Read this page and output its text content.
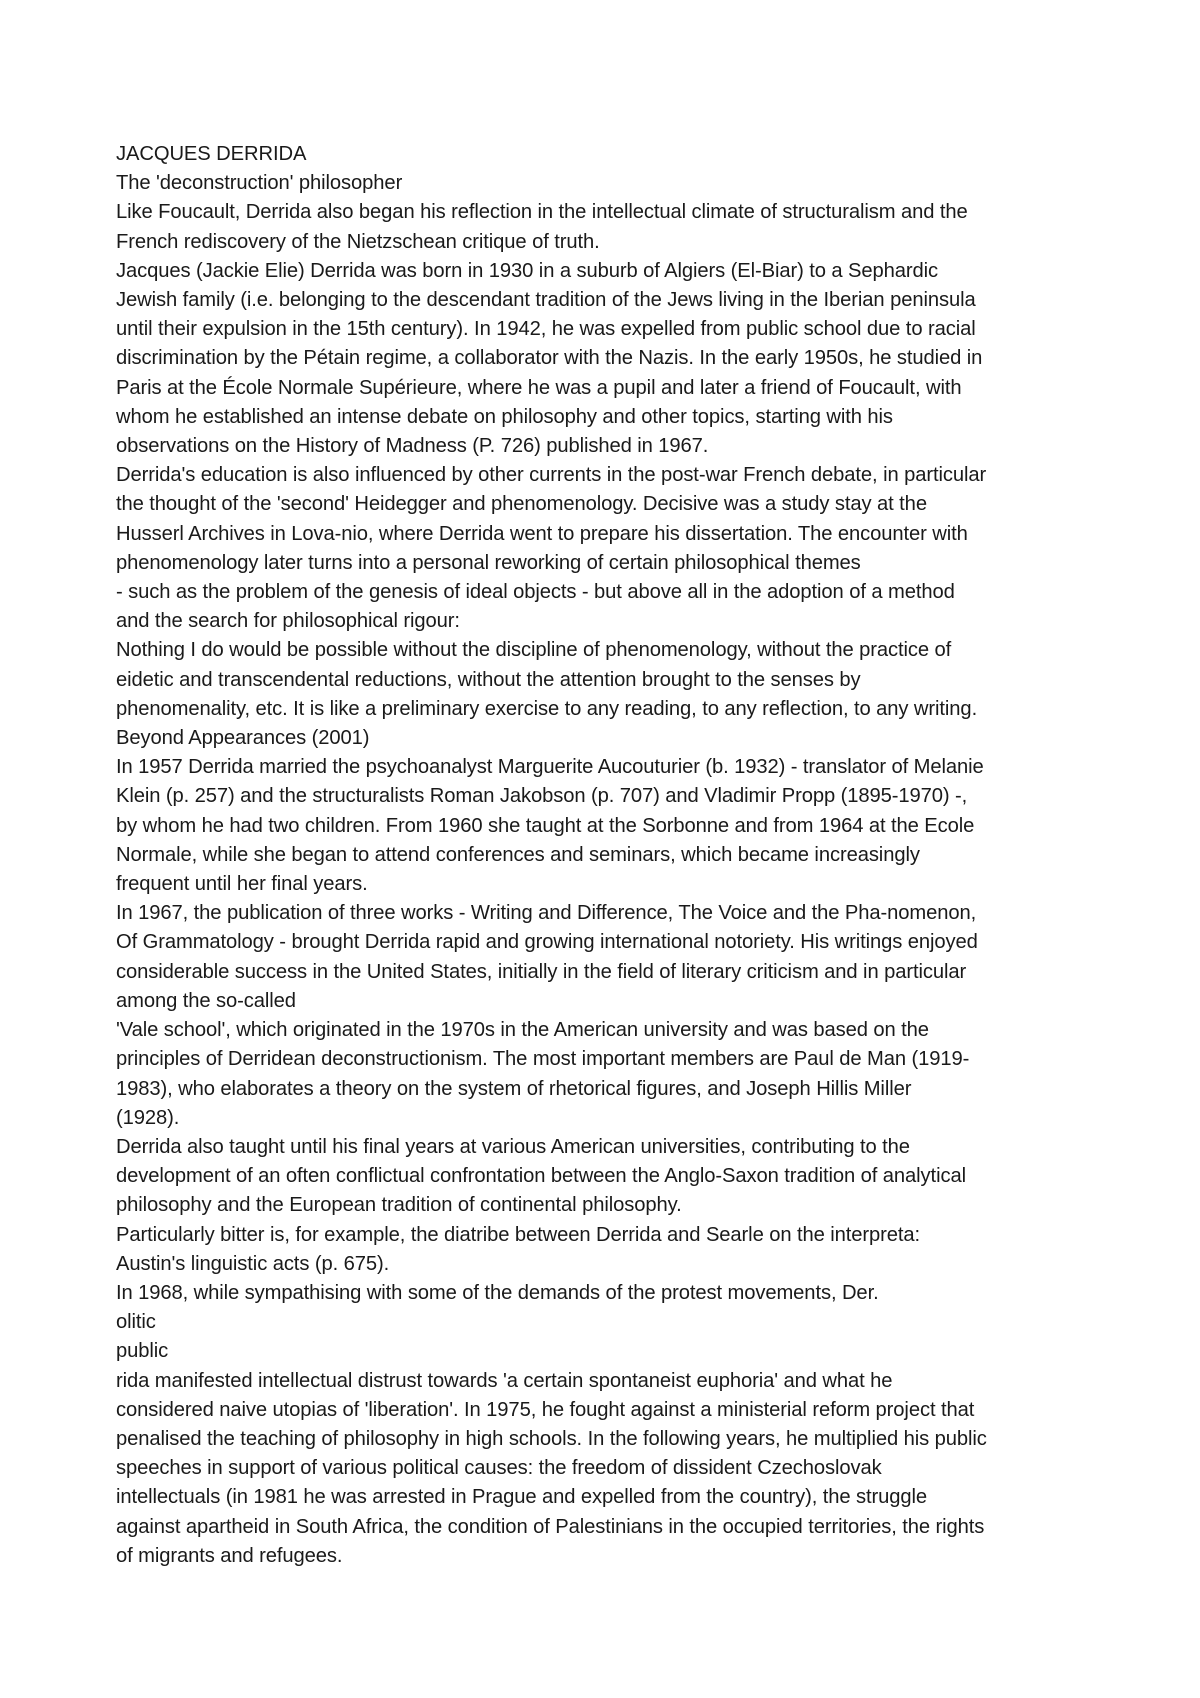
JACQUES DERRIDA
The 'deconstruction' philosopher
Like Foucault, Derrida also began his reflection in the intellectual climate of structuralism and the
French rediscovery of the Nietzschean critique of truth.
Jacques (Jackie Elie) Derrida was born in 1930 in a suburb of Algiers (El-Biar) to a Sephardic
Jewish family (i.e. belonging to the descendant tradition of the Jews living in the Iberian peninsula
until their expulsion in the 15th century). In 1942, he was expelled from public school due to racial
discrimination by the Pétain regime, a collaborator with the Nazis. In the early 1950s, he studied in
Paris at the École Normale Supérieure, where he was a pupil and later a friend of Foucault, with
whom he established an intense debate on philosophy and other topics, starting with his
observations on the History of Madness (P. 726) published in 1967.
Derrida's education is also influenced by other currents in the post-war French debate, in particular
the thought of the 'second' Heidegger and phenomenology. Decisive was a study stay at the
Husserl Archives in Lova-nio, where Derrida went to prepare his dissertation. The encounter with
phenomenology later turns into a personal reworking of certain philosophical themes
- such as the problem of the genesis of ideal objects - but above all in the adoption of a method
and the search for philosophical rigour:
Nothing I do would be possible without the discipline of phenomenology, without the practice of
eidetic and transcendental reductions, without the attention brought to the senses by
phenomenality, etc. It is like a preliminary exercise to any reading, to any reflection, to any writing.
Beyond Appearances (2001)
In 1957 Derrida married the psychoanalyst Marguerite Aucouturier (b. 1932) - translator of Melanie
Klein (p. 257) and the structuralists Roman Jakobson (p. 707) and Vladimir Propp (1895-1970) -,
by whom he had two children. From 1960 she taught at the Sorbonne and from 1964 at the Ecole
Normale, while she began to attend conferences and seminars, which became increasingly
frequent until her final years.
In 1967, the publication of three works - Writing and Difference, The Voice and the Pha-nomenon,
Of Grammatology - brought Derrida rapid and growing international notoriety. His writings enjoyed
considerable success in the United States, initially in the field of literary criticism and in particular
among the so-called
'Vale school', which originated in the 1970s in the American university and was based on the
principles of Derridean deconstructionism. The most important members are Paul de Man (1919-
1983), who elaborates a theory on the system of rhetorical figures, and Joseph Hillis Miller
(1928).
Derrida also taught until his final years at various American universities, contributing to the
development of an often conflictual confrontation between the Anglo-Saxon tradition of analytical
philosophy and the European tradition of continental philosophy.
Particularly bitter is, for example, the diatribe between Derrida and Searle on the interpreta:
Austin's linguistic acts (p. 675).
In 1968, while sympathising with some of the demands of the protest movements, Der.
olitic
public
rida manifested intellectual distrust towards 'a certain spontaneist euphoria' and what he
considered naive utopias of 'liberation'. In 1975, he fought against a ministerial reform project that
penalised the teaching of philosophy in high schools. In the following years, he multiplied his public
speeches in support of various political causes: the freedom of dissident Czechoslovak
intellectuals (in 1981 he was arrested in Prague and expelled from the country), the struggle
against apartheid in South Africa, the condition of Palestinians in the occupied territories, the rights
of migrants and refugees.
